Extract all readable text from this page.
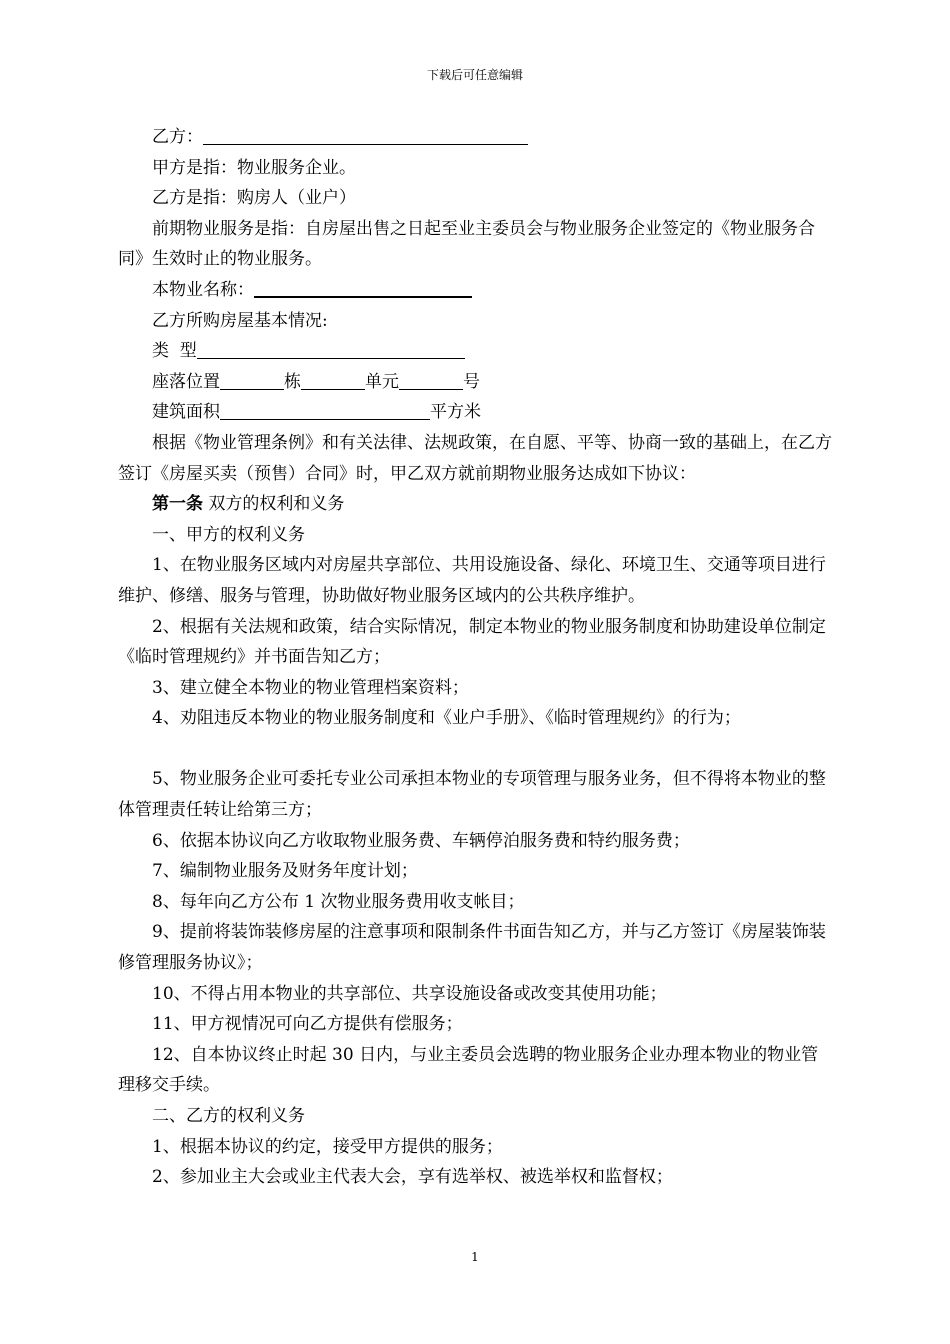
下载后可任意编辑

乙方：

甲方是指：物业服务企业。

乙方是指：购房人（业户）

前期物业服务是指：自房屋出售之日起至业主委员会与物业服务企业签定的《物业服务合同》生效时止的物业服务。

本物业名称：

乙方所购房屋基本情况:

类  型

座落位置	栋	单元	号

建筑面积	平方米

根据《物业管理条例》和有关法律、法规政策，在自愿、平等、协商一致的基础上，在乙方签订《房屋买卖（预售）合同》时，甲乙双方就前期物业服务达成如下协议：

第一条 双方的权利和义务

一、甲方的权利义务

1、在物业服务区域内对房屋共享部位、共用设施设备、绿化、环境卫生、交通等项目进行维护、修缮、服务与管理，协助做好物业服务区域内的公共秩序维护。

2、根据有关法规和政策，结合实际情况，制定本物业的物业服务制度和协助建设单位制定《临时管理规约》并书面告知乙方；

3、建立健全本物业的物业管理档案资料；

4、劝阻违反本物业的物业服务制度和《业户手册》、《临时管理规约》的行为；

5、物业服务企业可委托专业公司承担本物业的专项管理与服务业务，但不得将本物业的整体管理责任转让给第三方；

6、依据本协议向乙方收取物业服务费、车辆停泊服务费和特约服务费；

7、编制物业服务及财务年度计划；

8、每年向乙方公布 1 次物业服务费用收支帐目；

9、提前将装饰装修房屋的注意事项和限制条件书面告知乙方，并与乙方签订《房屋装饰装修管理服务协议》；

10、不得占用本物业的共享部位、共享设施设备或改变其使用功能；

11、甲方视情况可向乙方提供有偿服务；

12、自本协议终止时起 30 日内，与业主委员会选聘的物业服务企业办理本物业的物业管理移交手续。

二、乙方的权利义务

1、根据本协议的约定，接受甲方提供的服务；

2、参加业主大会或业主代表大会，享有选举权、被选举权和监督权；

1
